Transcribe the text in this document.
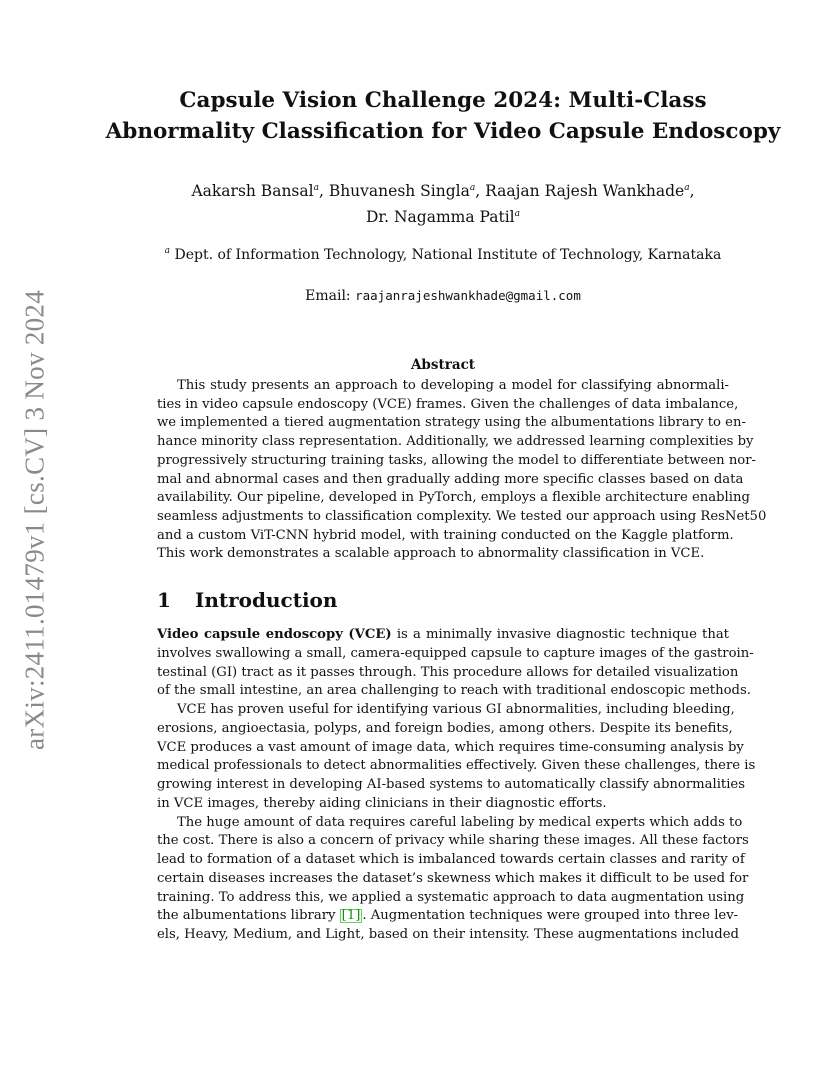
arXiv:2411.01479v1 [cs.CV] 3 Nov 2024
Capsule Vision Challenge 2024: Multi-Class
Abnormality Classification for Video Capsule Endoscopy
Aakarsh Bansal$^a$, Bhuvanesh Singla$^a$, Raajan Rajesh Wankhade$^a$,
Dr. Nagamma Patil$^a$
$^a$ Dept. of Information Technology, National Institute of Technology, Karnataka
Email: raajanrajeshwankhade@gmail.com
Abstract
This study presents an approach to developing a model for classifying abnormali-
ties in video capsule endoscopy (VCE) frames. Given the challenges of data imbalance,
we implemented a tiered augmentation strategy using the albumentations library to en-
hance minority class representation. Additionally, we addressed learning complexities by
progressively structuring training tasks, allowing the model to differentiate between nor-
mal and abnormal cases and then gradually adding more specific classes based on data
availability. Our pipeline, developed in PyTorch, employs a flexible architecture enabling
seamless adjustments to classification complexity. We tested our approach using ResNet50
and a custom ViT-CNN hybrid model, with training conducted on the Kaggle platform.
This work demonstrates a scalable approach to abnormality classification in VCE.
1 Introduction
Video capsule endoscopy (VCE) is a minimally invasive diagnostic technique that
involves swallowing a small, camera-equipped capsule to capture images of the gastroin-
testinal (GI) tract as it passes through. This procedure allows for detailed visualization
of the small intestine, an area challenging to reach with traditional endoscopic methods.
VCE has proven useful for identifying various GI abnormalities, including bleeding,
erosions, angioectasia, polyps, and foreign bodies, among others. Despite its benefits,
VCE produces a vast amount of image data, which requires time-consuming analysis by
medical professionals to detect abnormalities effectively. Given these challenges, there is
growing interest in developing AI-based systems to automatically classify abnormalities
in VCE images, thereby aiding clinicians in their diagnostic efforts.
The huge amount of data requires careful labeling by medical experts which adds to
the cost. There is also a concern of privacy while sharing these images. All these factors
lead to formation of a dataset which is imbalanced towards certain classes and rarity of
certain diseases increases the dataset’s skewness which makes it difficult to be used for
training. To address this, we applied a systematic approach to data augmentation using
the albumentations library [1] . Augmentation techniques were grouped into three lev-
els, Heavy, Medium, and Light, based on their intensity. These augmentations included
